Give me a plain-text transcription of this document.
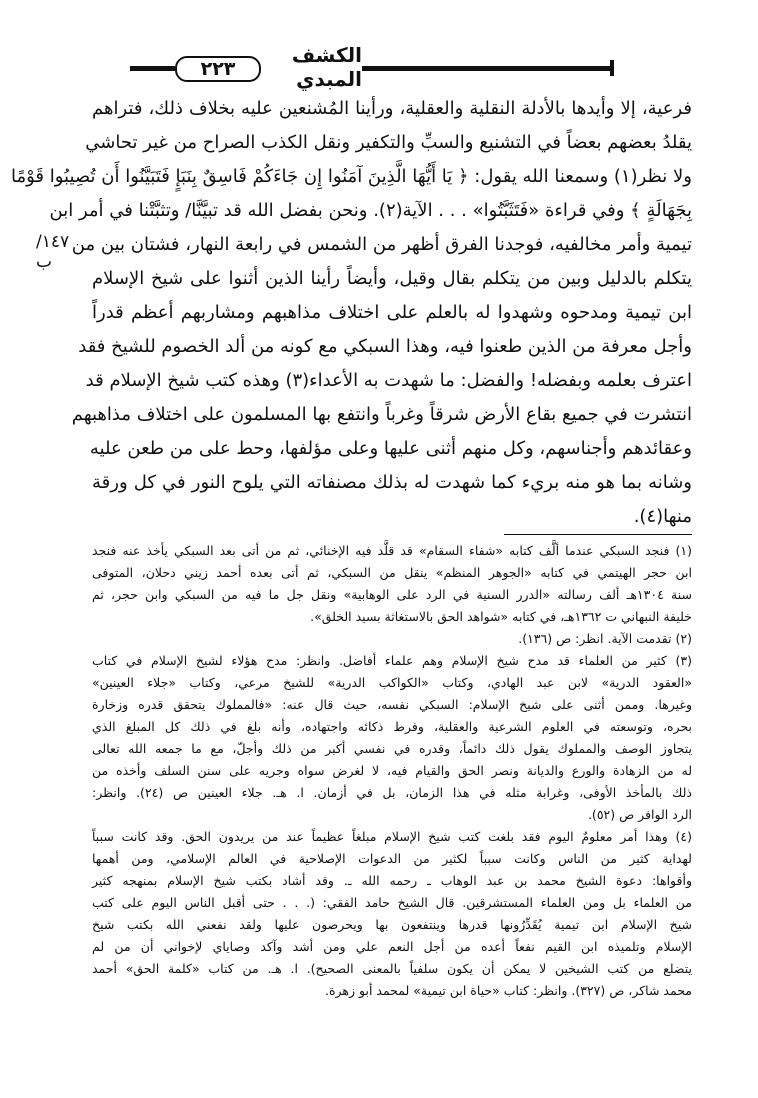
٢٢٣
الكشف المبدي
١٤٧/ ب
فرعية، إلا وأيدها بالأدلة النقلية والعقلية، ورأينا المُشنعين عليه بخلاف ذلك، فتراهم
يقلدُ بعضهم بعضاً في التشنيع والسبِّ والتكفير ونقل الكذب الصراح من غير تحاشي
ولا نظر(١) وسمعنا الله يقول: ﴿ يَا أَيُّهَا الَّذِينَ آمَنُوا إِن جَاءَكُمْ فَاسِقٌ بِنَبَإٍ فَتَبَيَّنُوا أَن تُصِيبُوا قَوْمًا
بِجَهَالَةٍ ﴾ وفي قراءة «فَتَثَبَّتُوا» . . . الآية(٢). ونحن بفضل الله قد تبيَّنَّا/ وتثبَّتْنا في أمر ابن
تيمية وأمر مخالفيه، فوجدنا الفرق أظهر من الشمس في رابعة النهار، فشتان بين من
يتكلم بالدليل وبين من يتكلم بقال وقيل، وأيضاً رأينا الذين أثنوا على شيخ الإسلام
ابن تيمية ومدحوه وشهدوا له بالعلم على اختلاف مذاهبهم ومشاربهم أعظم قدراً
وأجل معرفة من الذين طعنوا فيه، وهذا السبكي مع كونه من ألد الخصوم للشيخ فقد
اعترف بعلمه وبفضله! والفضل: ما شهدت به الأعداء(٣) وهذه كتب شيخ الإسلام قد
انتشرت في جميع بقاع الأرض شرقاً وغرباً وانتفع بها المسلمون على اختلاف مذاهبهم
وعقائدهم وأجناسهم، وكل منهم أثنى عليها وعلى مؤلفها، وحط على من طعن عليه
وشانه بما هو منه بريء كما شهدت له بذلك مصنفاته التي يلوح النور في كل ورقة
منها(٤).
(١) فنجد السبكي عندما ألَّف كتابه «شفاء السقام» قد قلَّد فيه الإخنائي، ثم من أتى بعد السبكي يأخذ عنه فنجد
ابن حجر الهيتمي في كتابه «الجوهر المنظم» ينقل من السبكي، ثم أتى بعده أحمد زيني دحلان، المتوفى
سنة ١٣٠٤هـ ألف رسالته «الدرر السنية في الرد على الوهابية» ونقل جل ما فيه من السبكي وابن حجر، ثم
خليفة النبهاني ت ١٣٦٢هـ، في كتابه «شواهد الحق بالاستغاثة بسيد الخلق».
(٢) تقدمت الآية. انظر: ص (١٣٦).
(٣) كثير من العلماء قد مدح شيخ الإسلام وهم علماء أفاضل. وانظر: مدح هؤلاء لشيخ الإسلام في كتاب
«العقود الدرية» لابن عبد الهادي، وكتاب «الكواكب الدرية» للشيخ مرعي، وكتاب «جلاء العينين»
وغيرها. وممن أثنى على شيخ الإسلام: السبكي نفسه، حيث قال عنه: «فالمملوك يتحقق قدره وزخارة
بحره، وتوسعته في العلوم الشرعية والعقلية، وفرط ذكائه واجتهاده، وأنه بلغ في ذلك كل المبلغ الذي
يتجاوز الوصف والمملوك يقول ذلك دائماً، وقدره في نفسي أكبر من ذلك وأجلّ، مع ما جمعه الله تعالى
له من الزهادة والورع والديانة ونصر الحق والقيام فيه، لا لغرض سواه وجريه على سنن السلف وأخذه من
ذلك بالمأخذ الأوفى، وغرابة مثله في هذا الزمان، بل في أزمان. ا. هـ. جلاء العينين ص (٢٤). وانظر:
الرد الوافر ص (٥٢).
(٤) وهذا أمر معلومٌ اليوم فقد بلغت كتب شيخ الإسلام مبلغاً عظيماً عند من يريدون الحق. وقد كانت سبباً
لهداية كثير من الناس وكانت سبباً لكثير من الدعوات الإصلاحية في العالم الإسلامي، ومن أهمها
وأقواها: دعوة الشيخ محمد بن عبد الوهاب ـ رحمه الله ـ. وقد أشاد بكتب شيخ الإسلام بمنهجه كثير
من العلماء بل ومن العلماء المستشرقين. قال الشيخ حامد الفقي: (. . . حتى أقبل الناس اليوم على كتب
شيخ الإسلام ابن تيمية يُقَدِّرُونها قدرها وينتفعون بها ويحرصون عليها ولقد نفعني الله بكتب شيخ
الإسلام وتلميذه ابن القيم نفعاً أعده من أجل النعم علي ومن أشد وآكد وصاياي لإخواني أن من لم
يتضلع من كتب الشيخين لا يمكن أن يكون سلفياً بالمعنى الصحيح). ا. هـ. من كتاب «كلمة الحق» أحمد
محمد شاكر، ص (٣٢٧). وانظر: كتاب «حياة ابن تيمية» لمحمد أبو زهرة.
